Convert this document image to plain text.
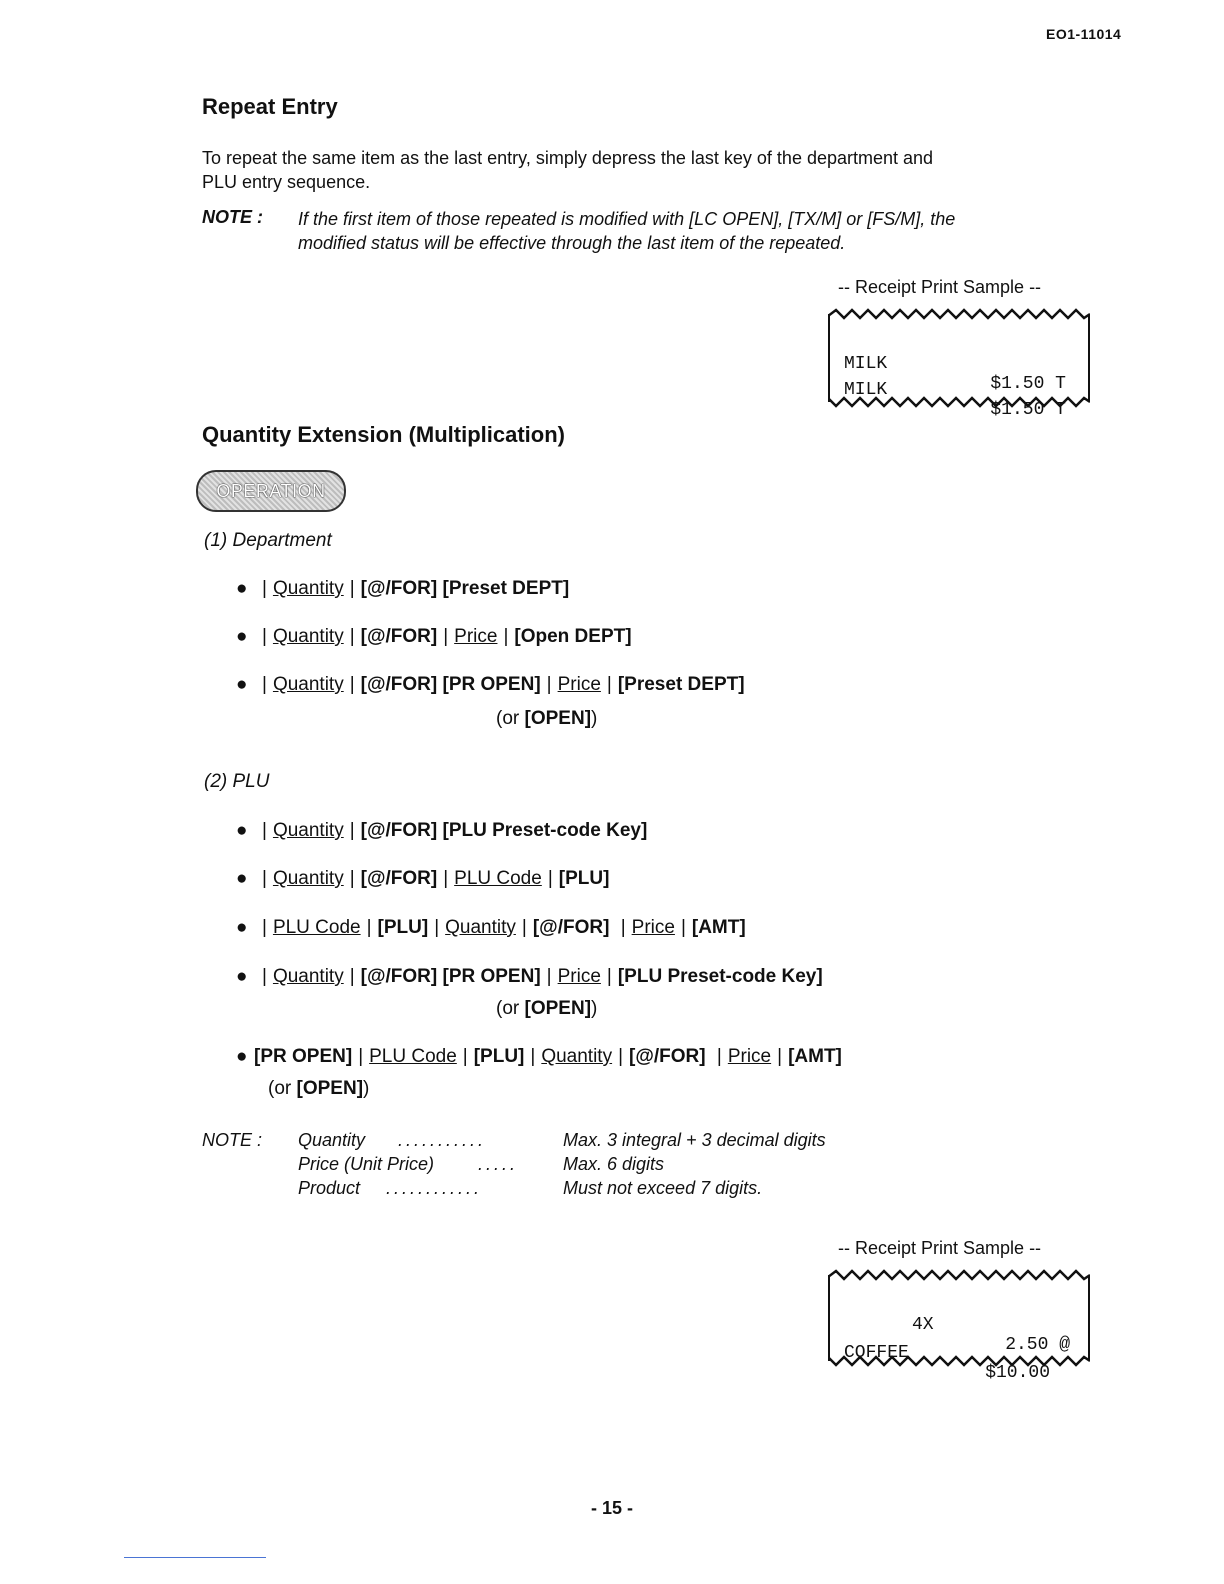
EO1-11014
Repeat Entry
To repeat the same item as the last entry, simply depress the last key of the department and
PLU entry sequence.
NOTE : If the first item of those repeated is modified with [LC OPEN], [TX/M] or [FS/M], the
modified status will be effective through the last item of the repeated.
-- Receipt Print Sample --

MILK

$1.50 T

MILK

$1.50 T

Quantity Extension (Multiplication)
OPERATION
(1) Department
● | Quantity | [@/FOR] [Preset DEPT]
● | Quantity | [@/FOR] | Price | [Open DEPT]
● | Quantity | [@/FOR] [PR OPEN] | Price | [Preset DEPT]
(or [OPEN])
(2) PLU
● | Quantity | [@/FOR] [PLU Preset-code Key]
● | Quantity | [@/FOR] | PLU Code | [PLU]
● | PLU Code | [PLU] | Quantity | [@/FOR] | Price | [AMT]
● | Quantity | [@/FOR] [PR OPEN] | Price | [PLU Preset-code Key]
(or [OPEN])
● [PR OPEN] | PLU Code | [PLU] | Quantity | [@/FOR] | Price | [AMT]
(or [OPEN])
NOTE : Quantity ...........	Max. 3 integral + 3 decimal digits
Price (Unit Price) ..... Max. 6 digits
Product ............	Must not exceed 7 digits.
-- Receipt Print Sample --

4X

2.50 @

COFFEE

$10.00

- 15 -
